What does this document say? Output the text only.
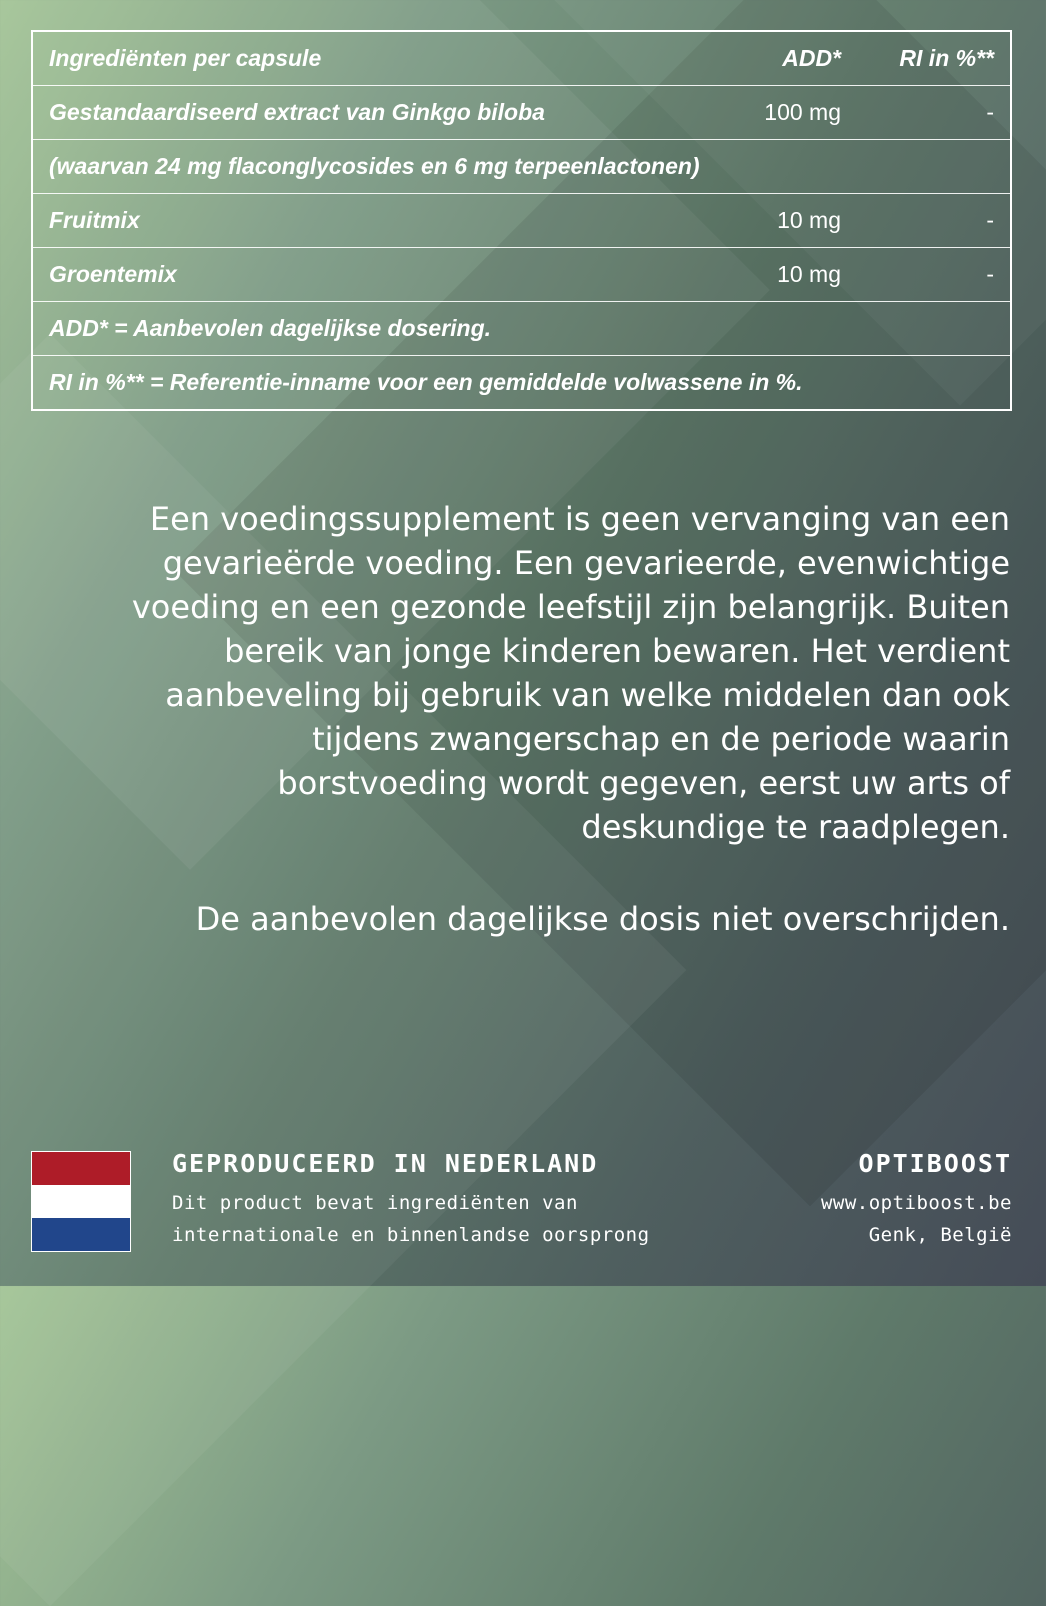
Ingrediënten per capsule	ADD*	RI in %**
Gestandaardiseerd extract van Ginkgo biloba	100 mg	-
(waarvan 24 mg flaconglycosides en 6 mg terpeenlactonen)		
Fruitmix	10 mg	-
Groentemix	10 mg	-
ADD* = Aanbevolen dagelijkse dosering.		
RI in %** = Referentie-inname voor een gemiddelde volwassene in %.		
Een voedingssupplement is geen vervanging van een
gevarieërde voeding. Een gevarieerde, evenwichtige
voeding en een gezonde leefstijl zijn belangrijk. Buiten
bereik van jonge kinderen bewaren. Het verdient
aanbeveling bij gebruik van welke middelen dan ook
tijdens zwangerschap en de periode waarin
borstvoeding wordt gegeven, eerst uw arts of
deskundige te raadplegen.
De aanbevolen dagelijkse dosis niet overschrijden.
GEPRODUCEERD IN NEDERLAND
Dit product bevat ingrediënten van
internationale en binnenlandse oorsprong
OPTIBOOST
www.optiboost.be
Genk, België
